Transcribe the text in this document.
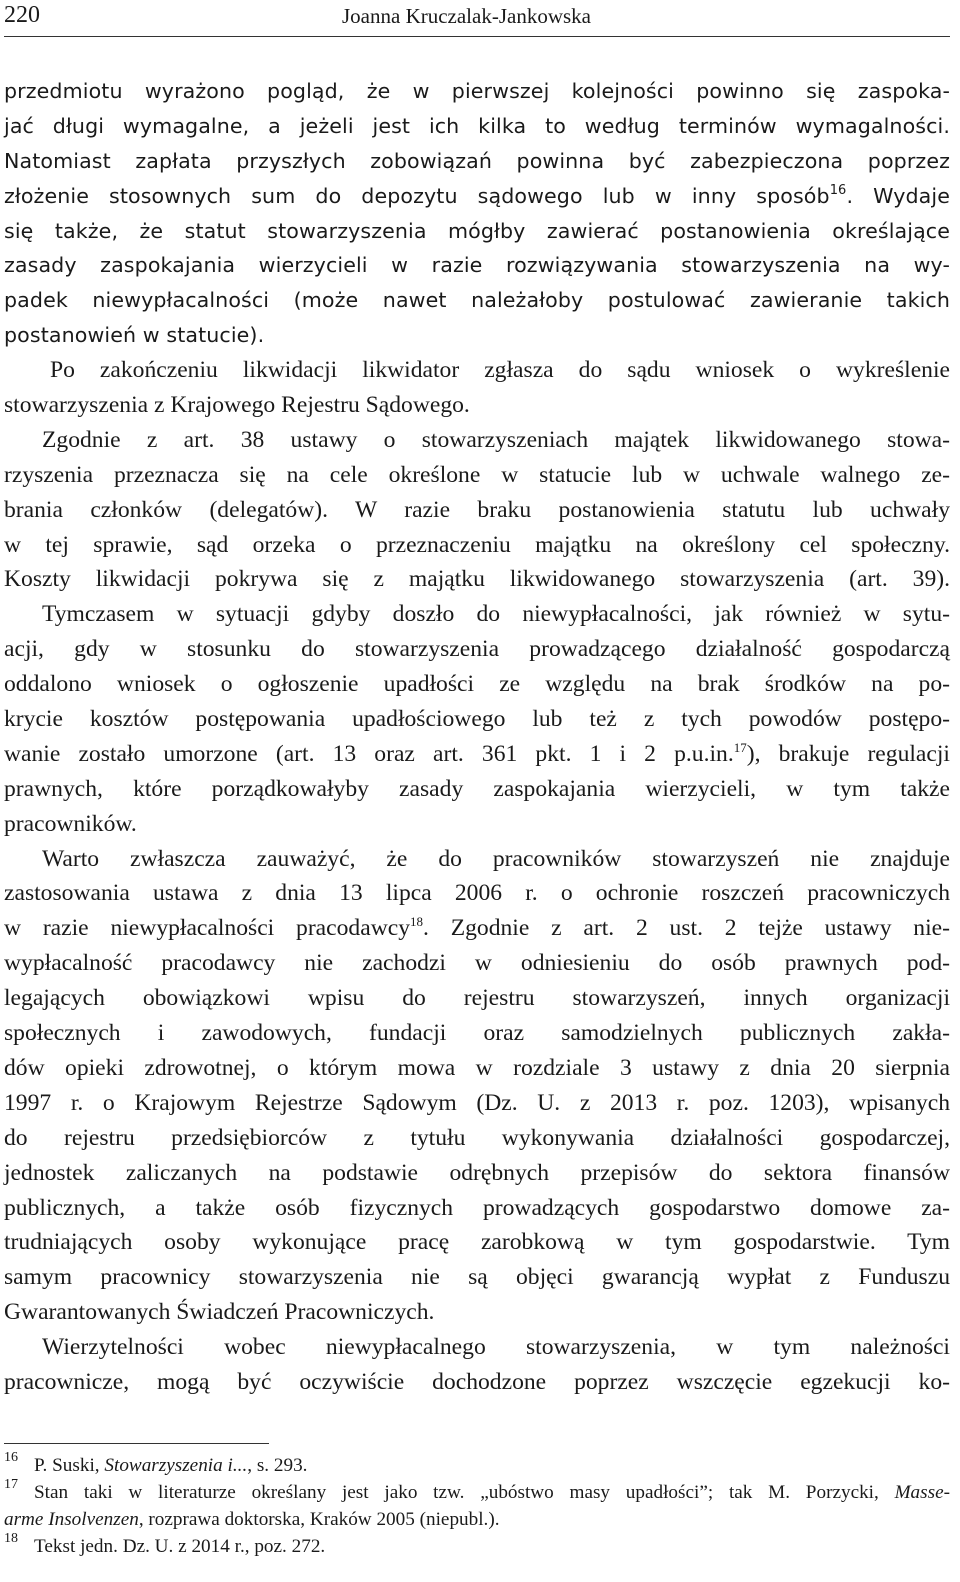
220	Joanna Kruczalak-Jankowska
przedmiotu wyrażono pogląd, że w pierwszej kolejności powinno się zaspoka-
jać długi wymagalne, a jeżeli jest ich kilka to według terminów wymagalności.
Natomiast zapłata przyszłych zobowiązań powinna być zabezpieczona poprzez
złożenie stosownych sum do depozytu sądowego lub w inny sposób$^{16}$. Wydaje
się także, że statut stowarzyszenia mógłby zawierać postanowienia określające
zasady zaspokajania wierzycieli w razie rozwiązywania stowarzyszenia na wy-
padek niewypłacalności (może nawet należałoby postulować zawieranie takich
postanowień w statucie).
Po zakończeniu likwidacji likwidator zgłasza do sądu wniosek o wykreślenie
stowarzyszenia z Krajowego Rejestru Sądowego.
Zgodnie z art. 38 ustawy o stowarzyszeniach majątek likwidowanego stowa-
rzyszenia przeznacza się na cele określone w statucie lub w uchwale walnego ze-
brania członków (delegatów). W razie braku postanowienia statutu lub uchwały
w tej sprawie, sąd orzeka o przeznaczeniu majątku na określony cel społeczny.
Koszty likwidacji pokrywa się z majątku likwidowanego stowarzyszenia (art. 39).
Tymczasem w sytuacji gdyby doszło do niewypłacalności, jak również w sytu-
acji, gdy w stosunku do stowarzyszenia prowadzącego działalność gospodarczą
oddalono wniosek o ogłoszenie upadłości ze względu na brak środków na po-
krycie kosztów postępowania upadłościowego lub też z tych powodów postępo-
wanie zostało umorzone (art. 13 oraz art. 361 pkt. 1 i 2 p.u.in.$^{17}$), brakuje regulacji
prawnych, które porządkowałyby zasady zaspokajania wierzycieli, w tym także
pracowników.
Warto zwłaszcza zauważyć, że do pracowników stowarzyszeń nie znajduje
zastosowania ustawa z dnia 13 lipca 2006 r. o ochronie roszczeń pracowniczych
w razie niewypłacalności pracodawcy$^{18}$. Zgodnie z art. 2 ust. 2 tejże ustawy nie-
wypłacalność pracodawcy nie zachodzi w odniesieniu do osób prawnych pod-
legających obowiązkowi wpisu do rejestru stowarzyszeń, innych organizacji
społecznych i zawodowych, fundacji oraz samodzielnych publicznych zakła-
dów opieki zdrowotnej, o którym mowa w rozdziale 3 ustawy z dnia 20 sierpnia
1997 r. o Krajowym Rejestrze Sądowym (Dz. U. z 2013 r. poz. 1203), wpisanych
do rejestru przedsiębiorców z tytułu wykonywania działalności gospodarczej,
jednostek zaliczanych na podstawie odrębnych przepisów do sektora finansów
publicznych, a także osób fizycznych prowadzących gospodarstwo domowe za-
trudniających osoby wykonujące pracę zarobkową w tym gospodarstwie. Tym
samym pracownicy stowarzyszenia nie są objęci gwarancją wypłat z Funduszu
Gwarantowanych Świadczeń Pracowniczych.
Wierzytelności wobec niewypłacalnego stowarzyszenia, w tym należności
pracownicze, mogą być oczywiście dochodzone poprzez wszczęcie egzekucji ko-
16 P. Suski, Stowarzyszenia i..., s. 293.
17 Stan taki w literaturze określany jest jako tzw. „ubóstwo masy upadłości”; tak M. Porzycki, Masse-
arme Insolvenzen, rozprawa doktorska, Kraków 2005 (niepubl.).
18 Tekst jedn. Dz. U. z 2014 r., poz. 272.
